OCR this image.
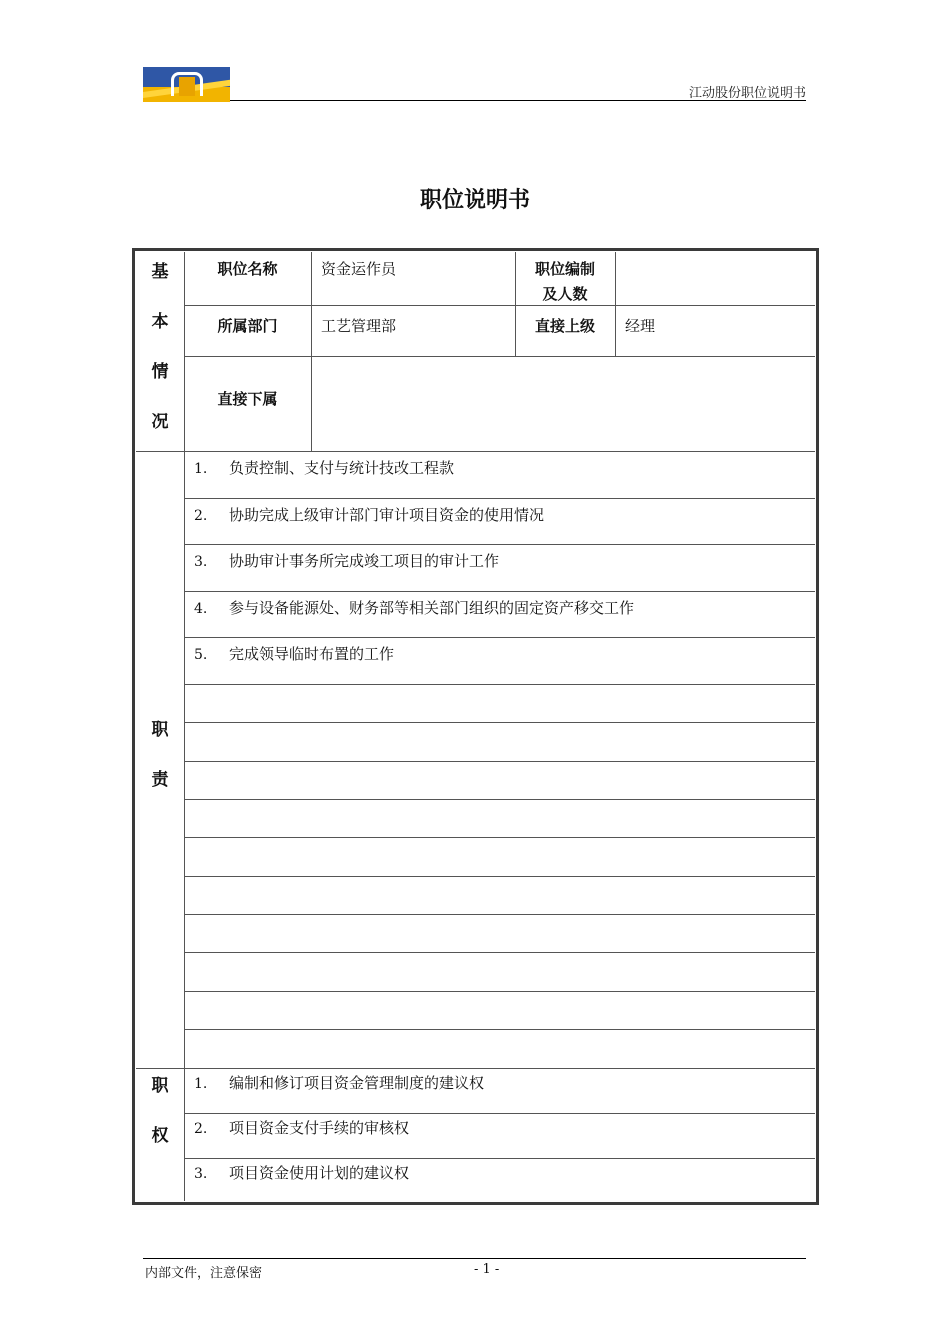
江动股份职位说明书
职位说明书
基
本
情
况
职位名称	资金运作员	职位编制
及人数
所属部门	工艺管理部	直接上级	经理
直接下属
职
责
1. 负责控制、支付与统计技改工程款
2. 协助完成上级审计部门审计项目资金的使用情况
3. 协助审计事务所完成竣工项目的审计工作
4. 参与设备能源处、财务部等相关部门组织的固定资产移交工作
5. 完成领导临时布置的工作
职
权
1. 编制和修订项目资金管理制度的建议权
2. 项目资金支付手续的审核权
3. 项目资金使用计划的建议权
内部文件，注意保密	- 1 -
